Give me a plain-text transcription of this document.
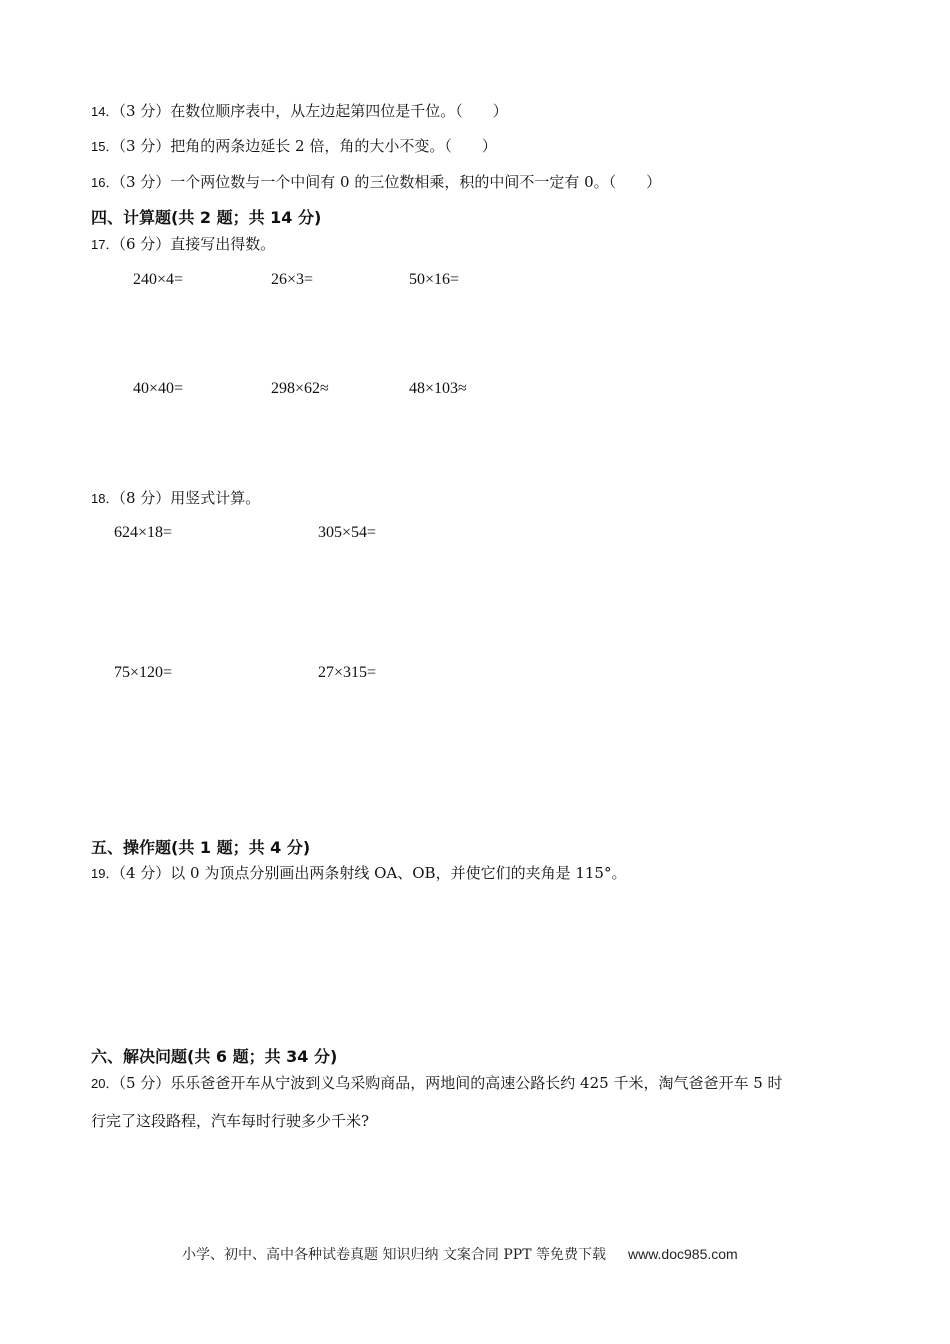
14．（3 分）在数位顺序表中，从左边起第四位是千位。（　　）
15．（3 分）把角的两条边延长 2 倍，角的大小不变。（　　）
16．（3 分）一个两位数与一个中间有 0 的三位数相乘，积的中间不一定有 0。（　　）
四、计算题(共 2 题；共 14 分)
17．（6 分）直接写出得数。
240×4=	26×3=	50×16=
40×40=	298×62≈	48×103≈
18．（8 分）用竖式计算。
624×18=	305×54=
75×120=	27×315=
五、操作题(共 1 题；共 4 分)
19．（4 分）以 0 为顶点分别画出两条射线 OA、OB，并使它们的夹角是 115°。
六、解决问题(共 6 题；共 34 分)
20．（5 分）乐乐爸爸开车从宁波到义乌采购商品，两地间的高速公路长约 425 千米，淘气爸爸开车 5 时
行完了这段路程，汽车每时行驶多少千米?
小学、初中、高中各种试卷真题 知识归纳 文案合同 PPT 等免费下载 www.doc985.com
